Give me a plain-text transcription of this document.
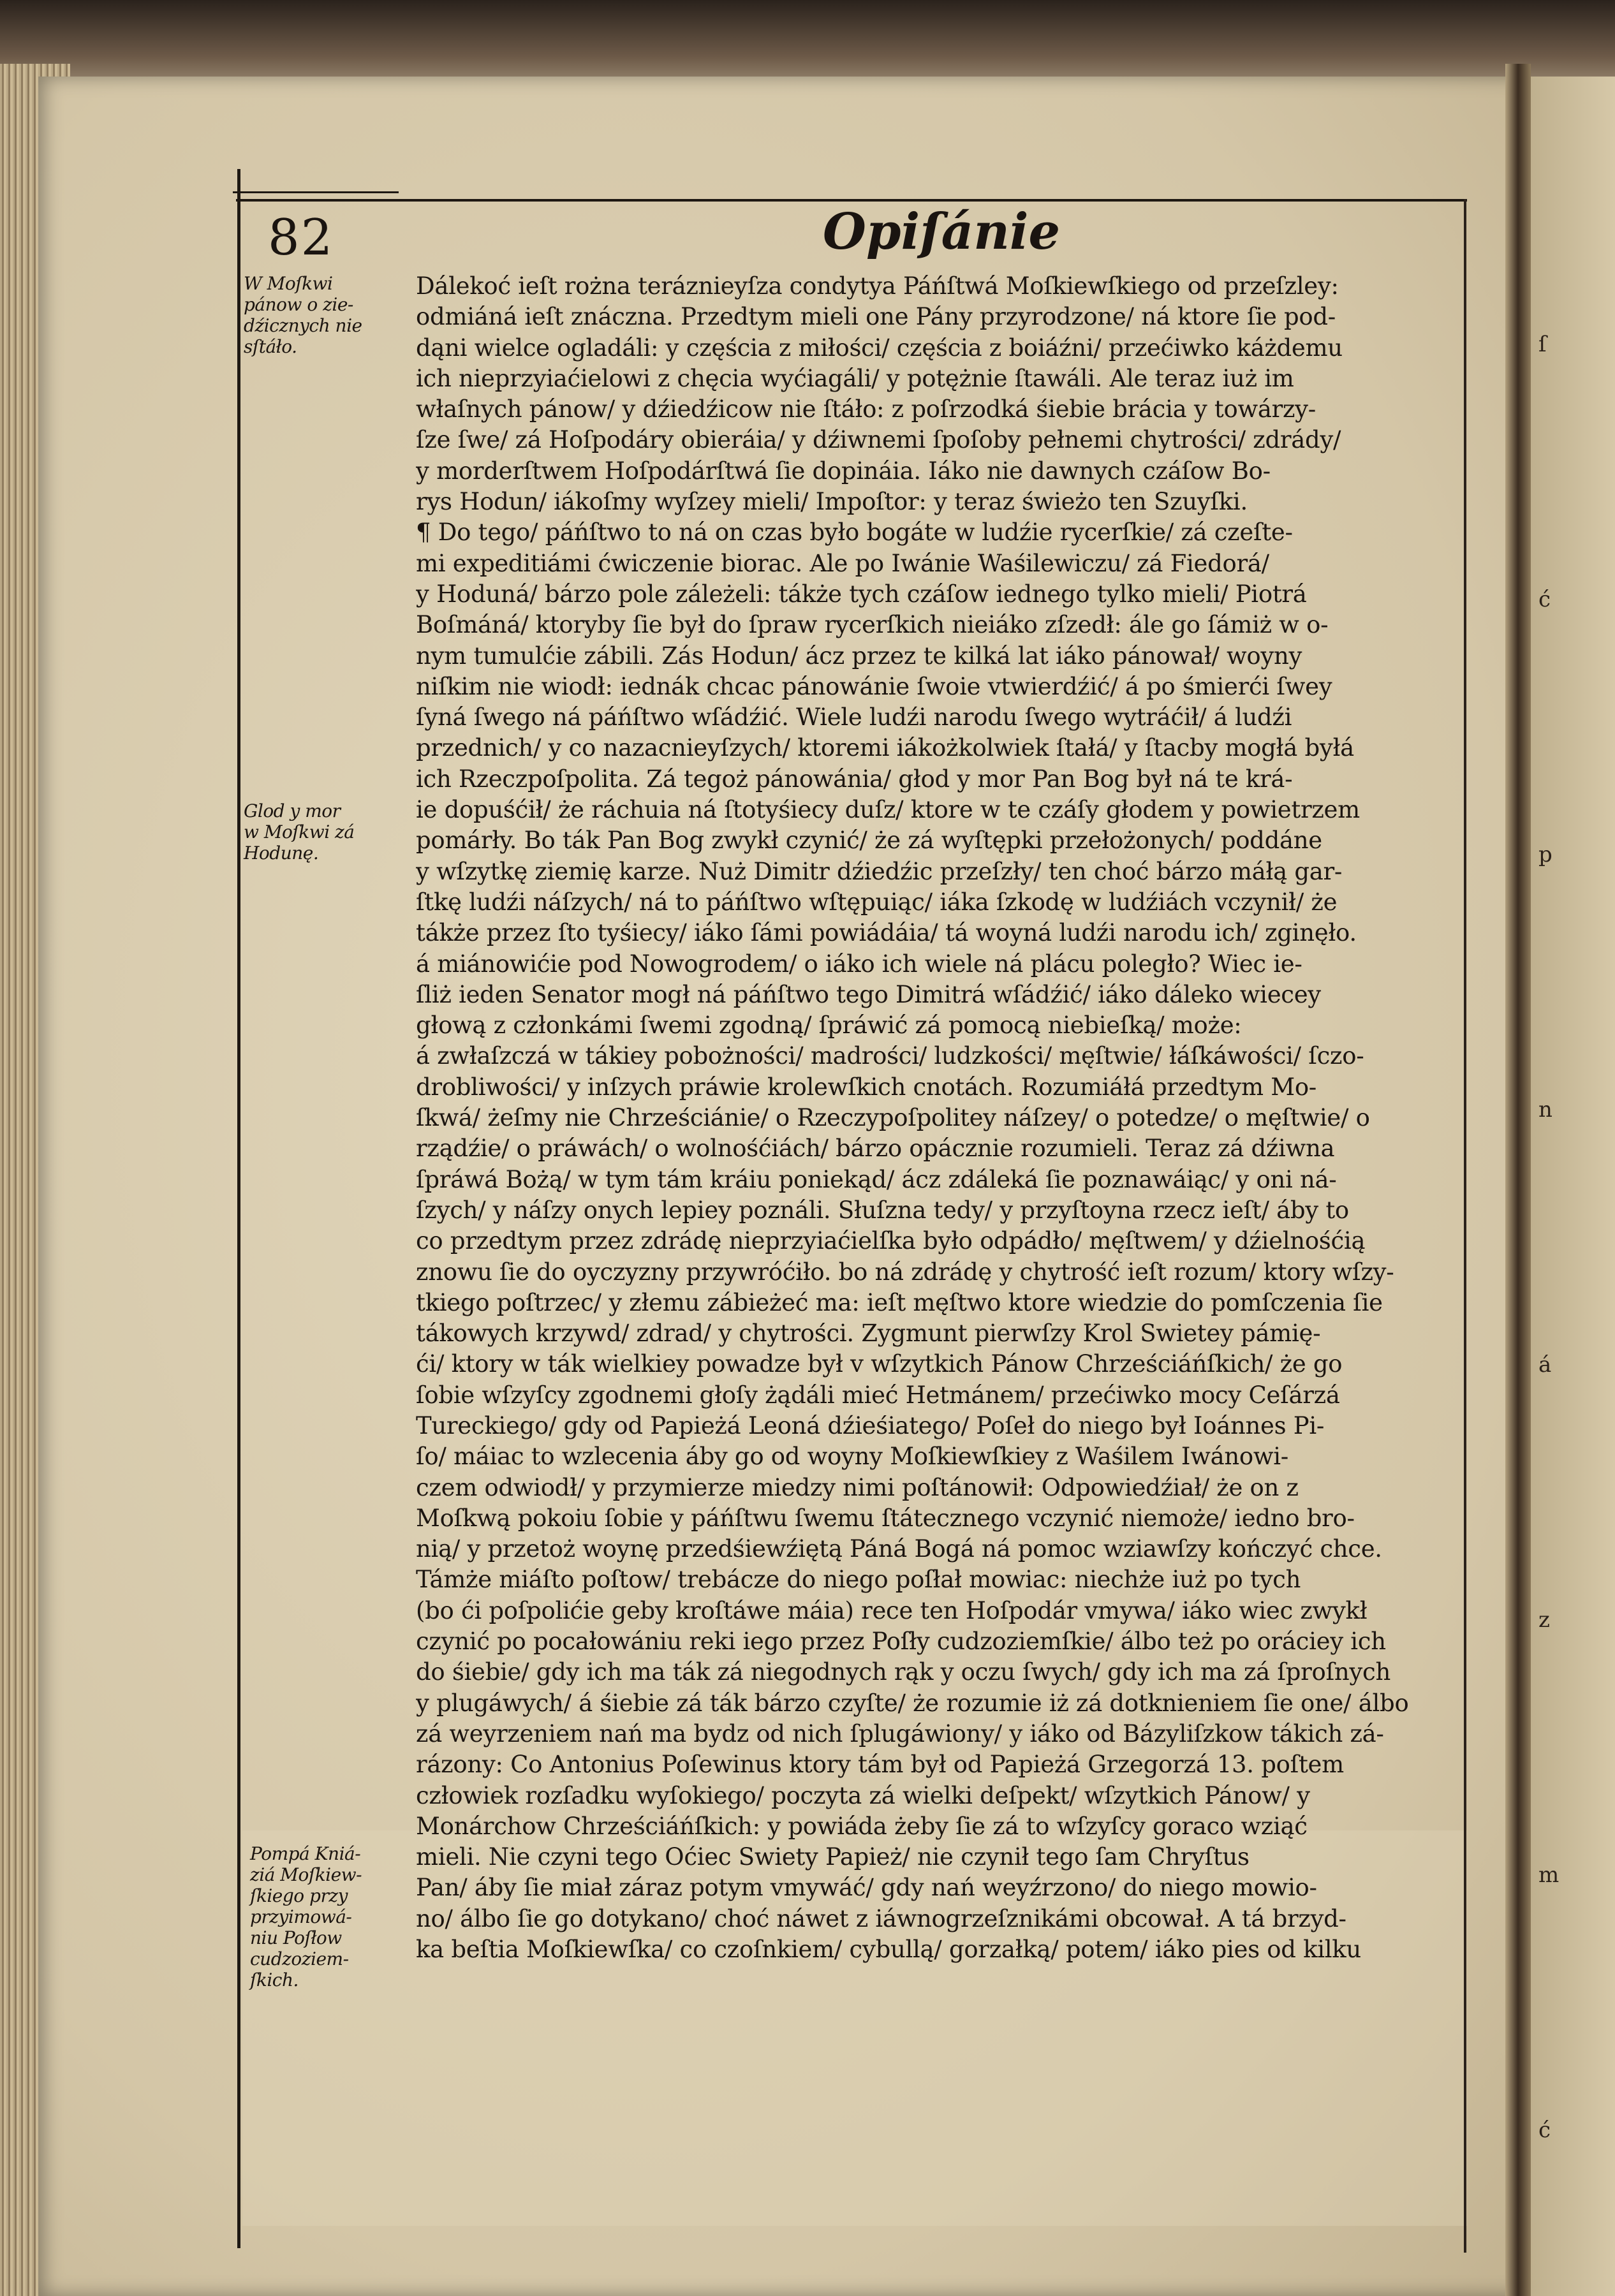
ſ
ć
p
n
á
z
m
ć
82	Opiſánie
W Moſkwi
pánow o zie-
dźicznych nie
sſtáło.
Glod y mor
w Moſkwi zá
Hodunę.
Pompá Kniá-
ziá Moſkiew-
ſkiego przy
przyimowá-
niu Poſłow
cudzoziem-
ſkich.
Dálekoć ieſt rożna teráznieyſza condytya Páńſtwá Moſkiewſkiego od przeſzley:
odmiáná ieſt znáczna. Przedtym mieli one Pány przyrodzone/ ná ktore ſie pod-
dąni wielce ogladáli: y częścia z miłości/ częścia z boiáźni/ przećiwko káżdemu
ich nieprzyiaćielowi z chęcia wyćiagáli/ y potężnie ſtawáli. Ale teraz iuż im
właſnych pánow/ y dźiedźicow nie ſtáło: z poſrzodká śiebie brácia y towárzy-
ſze ſwe/ zá Hoſpodáry obieráia/ y dźiwnemi ſpoſoby pełnemi chytrości/ zdrády/
y morderſtwem Hoſpodárſtwá ſie dopináia. Iáko nie dawnych czáſow Bo-
rys Hodun/ iákoſmy wyſzey mieli/ Impoſtor: y teraz świeżo ten Szuyſki.
¶ Do tego/ páńſtwo to ná on czas było bogáte w ludźie rycerſkie/ zá czeſte-
mi expeditiámi ćwiczenie biorac. Ale po Iwánie Waśilewiczu/ zá Fiedorá/
y Hoduná/ bárzo pole záleżeli: tákże tych czáſow iednego tylko mieli/ Piotrá
Boſmáná/ ktoryby ſie był do ſpraw rycerſkich nieiáko zſzedł: ále go ſámiż w o-
nym tumulćie zábili. Zás Hodun/ ácz przez te kilká lat iáko pánował/ woyny
niſkim nie wiodł: iednák chcac pánowánie ſwoie vtwierdźić/ á po śmierći ſwey
ſyná ſwego ná páńſtwo wſádźić. Wiele ludźi narodu ſwego wytráćił/ á ludźi
przednich/ y co nazacnieyſzych/ ktoremi iákożkolwiek ſtałá/ y ſtacby mogłá byłá
ich Rzeczpoſpolita. Zá tegoż pánowánia/ głod y mor Pan Bog był ná te krá-
ie dopuśćił/ że ráchuia ná ſtotyśiecy duſz/ ktore w te czáſy głodem y powietrzem
pomárły. Bo ták Pan Bog zwykł czynić/ że zá wyſtępki przełożonych/ poddáne
y wſzytkę ziemię karze. Nuż Dimitr dźiedźic przeſzły/ ten choć bárzo máłą gar-
ſtkę ludźi náſzych/ ná to páńſtwo wſtępuiąc/ iáka ſzkodę w ludźiách vczynił/ że
tákże przez ſto tyśiecy/ iáko ſámi powiádáia/ tá woyná ludźi narodu ich/ zginęło.
á miánowićie pod Nowogrodem/ o iáko ich wiele ná plácu poległo? Wiec ie-
ſliż ieden Senator mogł ná páńſtwo tego Dimitrá wſádźić/ iáko dálеko wiecey
głową z członkámi ſwemi zgodną/ ſpráwić zá pomocą niebieſką/ może:
á zwłaſzczá w tákiey pobożności/ madrości/ ludzkości/ męſtwie/ łáſkáwości/ ſczo-
drobliwości/ y inſzych práwie krolewſkich cnotách. Rozumiáłá przedtym Mo-
ſkwá/ żeſmy nie Chrześciánie/ o Rzeczypoſpolitey náſzey/ o potedze/ o męſtwie/ o
rządźie/ o práwách/ o wolnośćiách/ bárzo opácznie rozumieli. Teraz zá dźiwna
ſpráwá Bożą/ w tym tám kráiu poniekąd/ ácz zdálеká ſie poznawáiąc/ y oni ná-
ſzych/ y náſzy onych lepiey poználi. Słuſzna tedy/ y przyſtoyna rzecz ieſt/ áby to
co przedtym przez zdrádę nieprzyiaćielſka było odpádło/ męſtwem/ y dźielnośćią
znowu ſie do oyczyzny przywróćiło. bo ná zdrádę y chytrość ieſt rozum/ ktory wſzy-
tkiego poſtrzec/ y złemu zábieżeć ma: ieſt męſtwo ktore wiedzie do pomſczenia ſie
tákowych krzywd/ zdrad/ y chytrości. Zygmunt pierwſzy Krol Swietey pámię-
ći/ ktory w ták wielkiey powadze był v wſzytkich Pánow Chrześciáńſkich/ że go
ſobie wſzyſcy zgodnemi głoſy żądáli mieć Hetmánem/ przećiwko mocy Ceſárzá
Tureckiego/ gdy od Papieżá Leoná dźieśiatego/ Poſeł do niego był Ioánnes Pi-
ſo/ máiac to wzlecenia áby go od woyny Moſkiewſkiey z Waśilem Iwánowi-
czem odwiodł/ y przymierze miedzy nimi poſtánowił: Odpowiedźiał/ że on z
Moſkwą pokoiu ſobie y páńſtwu ſwemu ſtátecznego vczynić niemoże/ iedno bro-
nią/ y przetoż woynę przedśiewźiętą Páná Bogá ná pomoc wziawſzy kończyć chce.
Támże miáſto poſtow/ trebácze do niego poſłał mowiac: niechże iuż po tych
(bo ći poſpolićie geby kroſtáwe máia) rece ten Hoſpodár vmywa/ iáko wiec zwykł
czynić po pocałowániu reki iego przez Poſły cudzoziemſkie/ álbo też po oráciey ich
do śiebie/ gdy ich ma ták zá niegodnych rąk y oczu ſwych/ gdy ich ma zá ſproſnych
y plugáwych/ á śiebie zá ták bárzo czyſte/ że rozumie iż zá dotknieniem ſie one/ álbo
zá weyrzeniem nań ma bydz od nich ſplugáwiony/ y iáko od Bázyliſzkow tákich zá-
rázony: Co Antonius Poſewinus ktory tám był od Papieżá Grzegorzá 13. poſtem
człowiek rozſadku wyſokiego/ poczyta zá wielki deſpekt/ wſzytkich Pánow/ y
Monárchow Chrześciáńſkich: y powiáda żeby ſie zá to wſzyſcy goraco wziąć
mieli. Nie czyni tego Oćiec Swiety Papież/ nie czynił tego ſam Chryſtus
Pan/ áby ſie miał záraz potym vmywáć/ gdy nań weyźrzono/ do niego mowio-
no/ álbo ſie go dotykano/ choć náwet z iáwnogrzeſznikámi obcował. A tá brzyd-
ka beſtia Moſkiewſka/ co czoſnkiem/ cybullą/ gorzałką/ potem/ iáko pies od kilku
